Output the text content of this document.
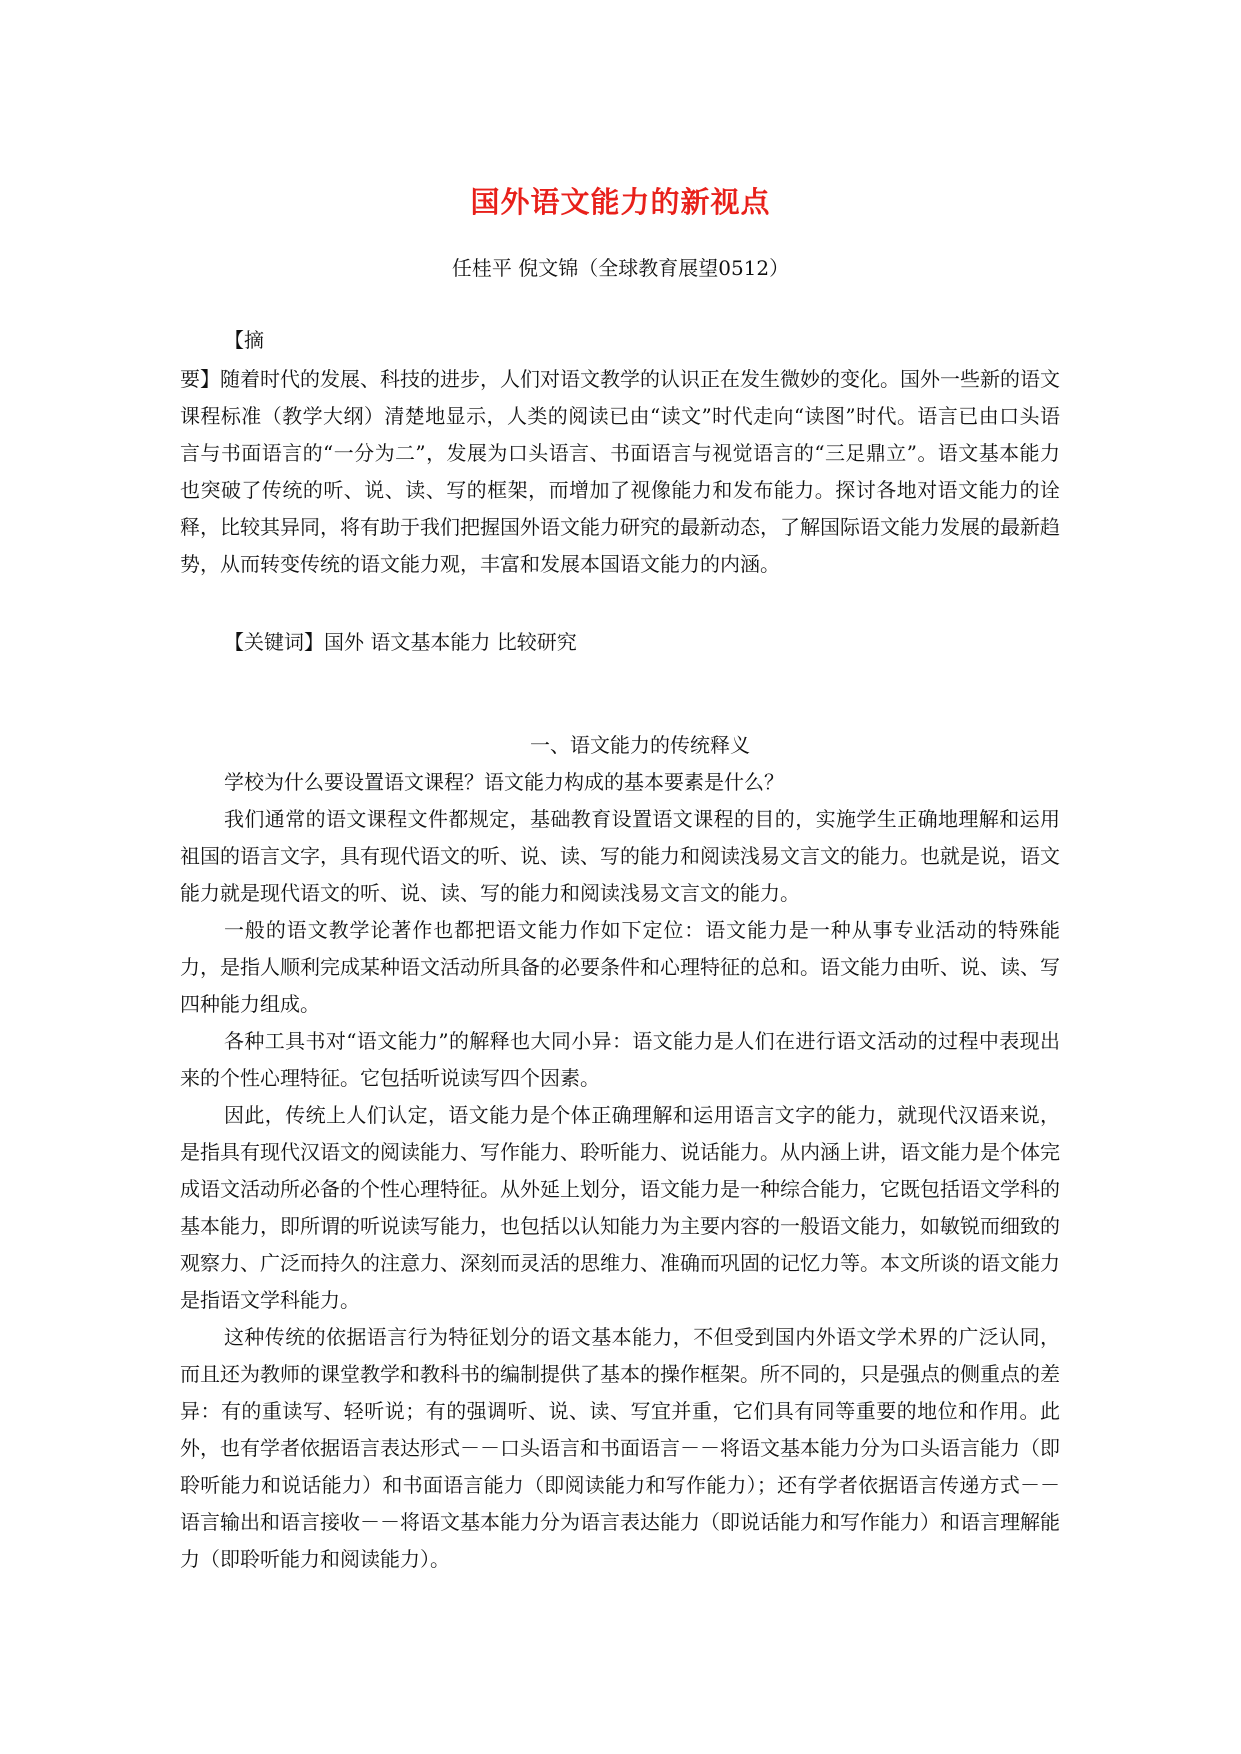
国外语文能力的新视点
任桂平 倪文锦（全球教育展望0512）
【摘

要】随着时代的发展、科技的进步，人们对语文教学的认识正在发生微妙的变化。国外一些新的语文课程标准（教学大纲）清楚地显示，人类的阅读已由“读文”时代走向“读图”时代。语言已由口头语言与书面语言的“一分为二”，发展为口头语言、书面语言与视觉语言的“三足鼎立”。语文基本能力也突破了传统的听、说、读、写的框架，而增加了视像能力和发布能力。探讨各地对语文能力的诠释，比较其异同，将有助于我们把握国外语文能力研究的最新动态，了解国际语文能力发展的最新趋势，从而转变传统的语文能力观，丰富和发展本国语文能力的内涵。

【关键词】国外 语文基本能力 比较研究
一、语文能力的传统释义

学校为什么要设置语文课程？语文能力构成的基本要素是什么？

我们通常的语文课程文件都规定，基础教育设置语文课程的目的，实施学生正确地理解和运用祖国的语言文字，具有现代语文的听、说、读、写的能力和阅读浅易文言文的能力。也就是说，语文能力就是现代语文的听、说、读、写的能力和阅读浅易文言文的能力。

一般的语文教学论著作也都把语文能力作如下定位：语文能力是一种从事专业活动的特殊能力，是指人顺利完成某种语文活动所具备的必要条件和心理特征的总和。语文能力由听、说、读、写四种能力组成。

各种工具书对“语文能力”的解释也大同小异：语文能力是人们在进行语文活动的过程中表现出来的个性心理特征。它包括听说读写四个因素。

因此，传统上人们认定，语文能力是个体正确理解和运用语言文字的能力，就现代汉语来说，是指具有现代汉语文的阅读能力、写作能力、聆听能力、说话能力。从内涵上讲，语文能力是个体完成语文活动所必备的个性心理特征。从外延上划分，语文能力是一种综合能力，它既包括语文学科的基本能力，即所谓的听说读写能力，也包括以认知能力为主要内容的一般语文能力，如敏锐而细致的观察力、广泛而持久的注意力、深刻而灵活的思维力、准确而巩固的记忆力等。本文所谈的语文能力是指语文学科能力。

这种传统的依据语言行为特征划分的语文基本能力，不但受到国内外语文学术界的广泛认同，而且还为教师的课堂教学和教科书的编制提供了基本的操作框架。所不同的，只是强点的侧重点的差异：有的重读写、轻听说；有的强调听、说、读、写宜并重，它们具有同等重要的地位和作用。此外，也有学者依据语言表达形式－－口头语言和书面语言－－将语文基本能力分为口头语言能力（即聆听能力和说话能力）和书面语言能力（即阅读能力和写作能力）；还有学者依据语言传递方式－－语言输出和语言接收－－将语文基本能力分为语言表达能力（即说话能力和写作能力）和语言理解能力（即聆听能力和阅读能力）。
